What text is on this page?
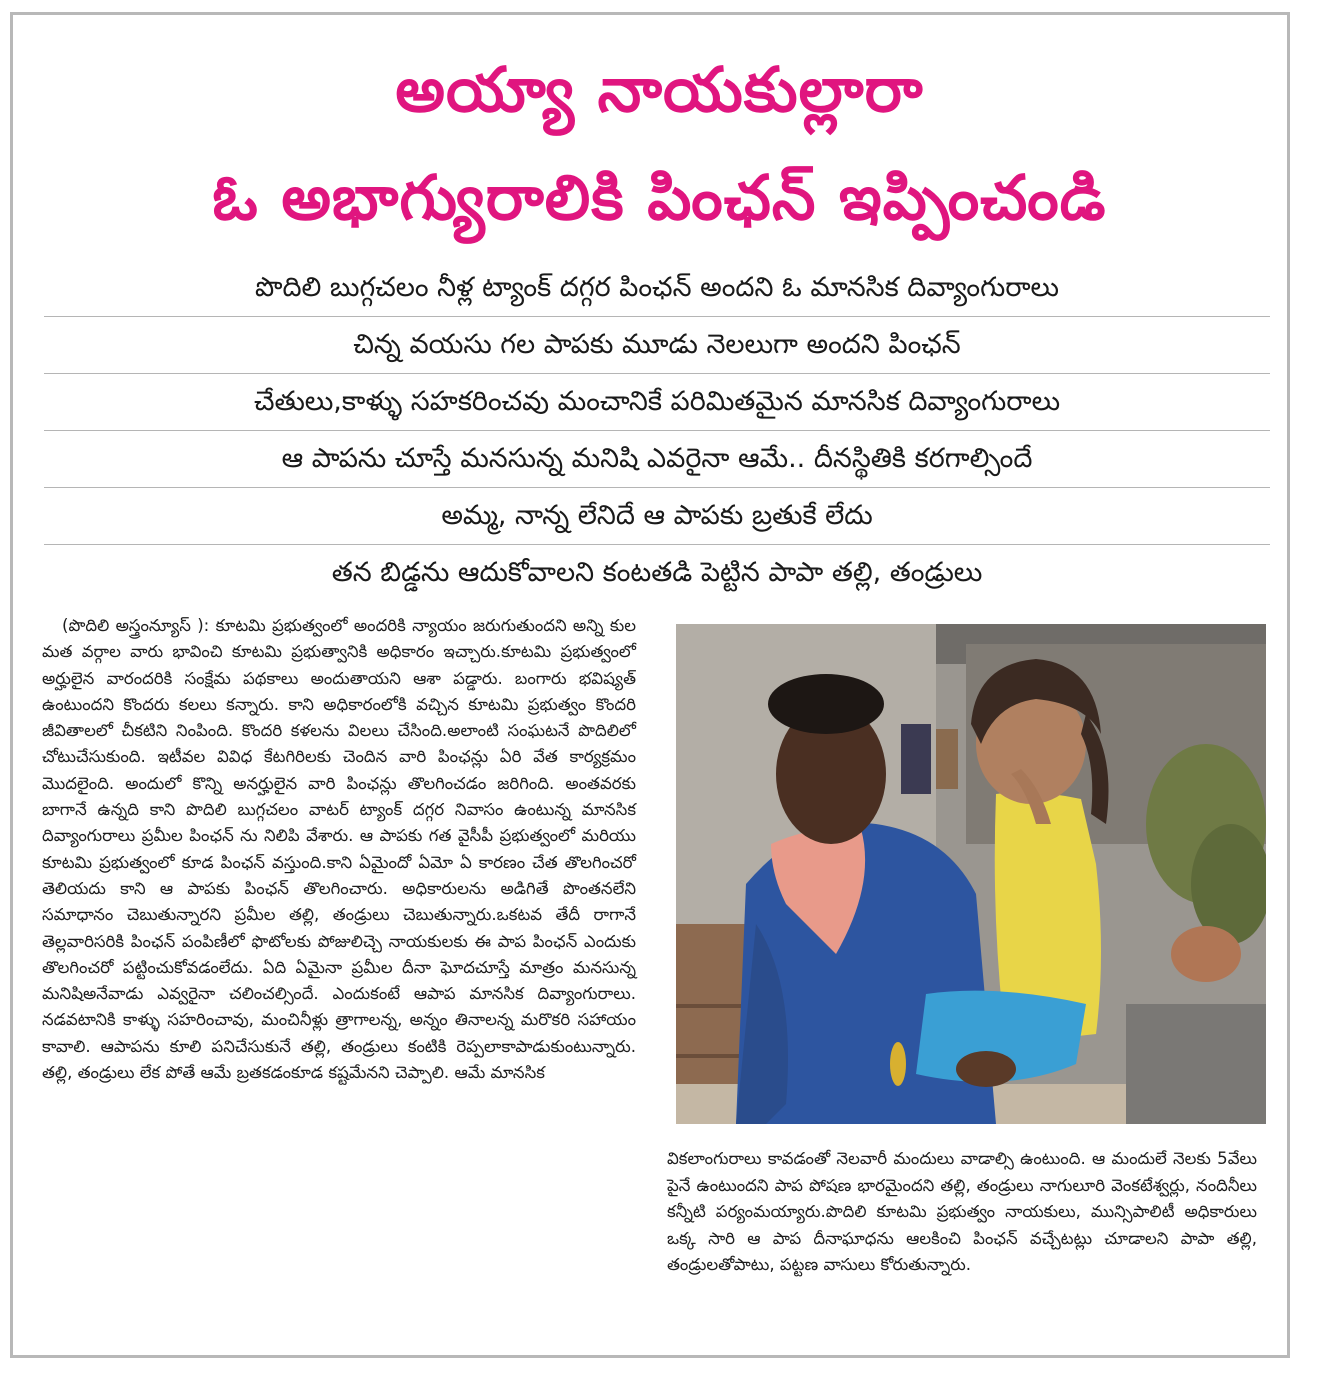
అయ్యా నాయకుల్లారా
ఓ అభాగ్యురాలికి పింఛన్ ఇప్పించండి
పొదిలి బుగ్గచలం నీళ్ల ట్యాంక్ దగ్గర పింఛన్ అందని ఓ మానసిక దివ్యాంగురాలు
చిన్న వయసు గల పాపకు మూడు నెలలుగా అందని పింఛన్
చేతులు,కాళ్ళు సహకరించవు మంచానికే పరిమితమైన మానసిక దివ్యాంగురాలు
ఆ పాపను చూస్తే మనసున్న మనిషి ఎవరైనా ఆమే.. దీనస్థితికి కరగాల్సిందే
అమ్మ, నాన్న లేనిదే ఆ పాపకు బ్రతుకే లేదు
తన బిడ్డను ఆదుకోవాలని కంటతడి పెట్టిన పాపా తల్లి, తండ్రులు

(పొదిలి అస్త్రంన్యూస్ ): కూటమి ప్రభుత్వంలో అందరికి న్యాయం జరుగుతుందని అన్ని కుల మత వర్గాల వారు భావించి కూటమి ప్రభుత్వానికి అధికారం ఇచ్చారు.కూటమి ప్రభుత్వంలో అర్హులైన వారందరికి సంక్షేమ పథకాలు అందుతాయని ఆశా పడ్డారు. బంగారు భవిష్యత్ ఉంటుందని కొందరు కలలు కన్నారు. కాని అధికారంలోకి వచ్చిన కూటమి ప్రభుత్వం కొందరి జీవితాలలో చీకటిని నింపింది. కొందరి కళలను విలలు చేసింది.అలాంటి సంఘటనే పొదిలిలో చోటుచేసుకుంది. ఇటీవల వివిధ కేటగిరిలకు చెందిన వారి పింఛన్లు ఏరి వేత కార్యక్రమం మొదలైంది. అందులో కొన్ని అనర్హులైన వారి పింఛన్లు తొలగించడం జరిగింది. అంతవరకు బాగానే ఉన్నది కాని పొదిలి బుగ్గచలం వాటర్ ట్యాంక్ దగ్గర నివాసం ఉంటున్న మానసిక దివ్యాంగురాలు ప్రమీల పింఛన్ ను నిలిపి వేశారు. ఆ పాపకు గత వైసీపీ ప్రభుత్వంలో మరియు కూటమి ప్రభుత్వంలో కూడ పింఛన్ వస్తుంది.కాని ఏమైందో ఏమో ఏ కారణం చేత తొలగించరో తెలియదు కాని ఆ పాపకు పింఛన్ తొలగించారు. అధికారులను అడిగితే పొంతనలేని సమాధానం చెబుతున్నారని ప్రమీల తల్లి, తండ్రులు చెబుతున్నారు.ఒకటవ తేదీ రాగానే తెల్లవారిసరికి పింఛన్ పంపిణీలో ఫొటోలకు పోజులిచ్చె నాయకులకు ఈ పాప పింఛన్ ఎందుకు తొలగించరో పట్టించుకోవడంలేదు. ఏది ఏమైనా ప్రమీల దీనా ఘోదచూస్తే మాత్రం మనసున్న మనిషిఅనేవాడు ఎవ్వరైనా చలించల్సిందే. ఎందుకంటే ఆపాప మానసిక దివ్యాంగురాలు. నడవటానికి కాళ్ళు సహరించావు, మంచినీళ్లు త్రాగాలన్న, అన్నం తినాలన్న మరొకరి సహాయం కావాలి. ఆపాపను కూలి పనిచేసుకునే తల్లి, తండ్రులు కంటికి రెప్పలాకాపాడుకుంటున్నారు. తల్లి, తండ్రులు లేక పోతే ఆమే బ్రతకడంకూడ కష్టమేనని చెప్పాలి. ఆమే మానసిక

వికలాంగురాలు కావడంతో నెలవారీ మందులు వాడాల్సి ఉంటుంది. ఆ మందులే నెలకు 5వేలు పైనే ఉంటుందని పాప పోషణ భారమైందని తల్లి, తండ్రులు నాగులూరి వెంకటేశ్వర్లు, నందినీలు కన్నీటి పర్యంమయ్యారు.పొదిలి కూటమి ప్రభుత్వం నాయకులు, మున్సిపాలిటీ అధికారులు ఒక్క సారి ఆ పాప దీనాఘాధను ఆలకించి పింఛన్ వచ్చేటట్లు చూడాలని పాపా తల్లి, తండ్రులతోపాటు, పట్టణ వాసులు కోరుతున్నారు.
